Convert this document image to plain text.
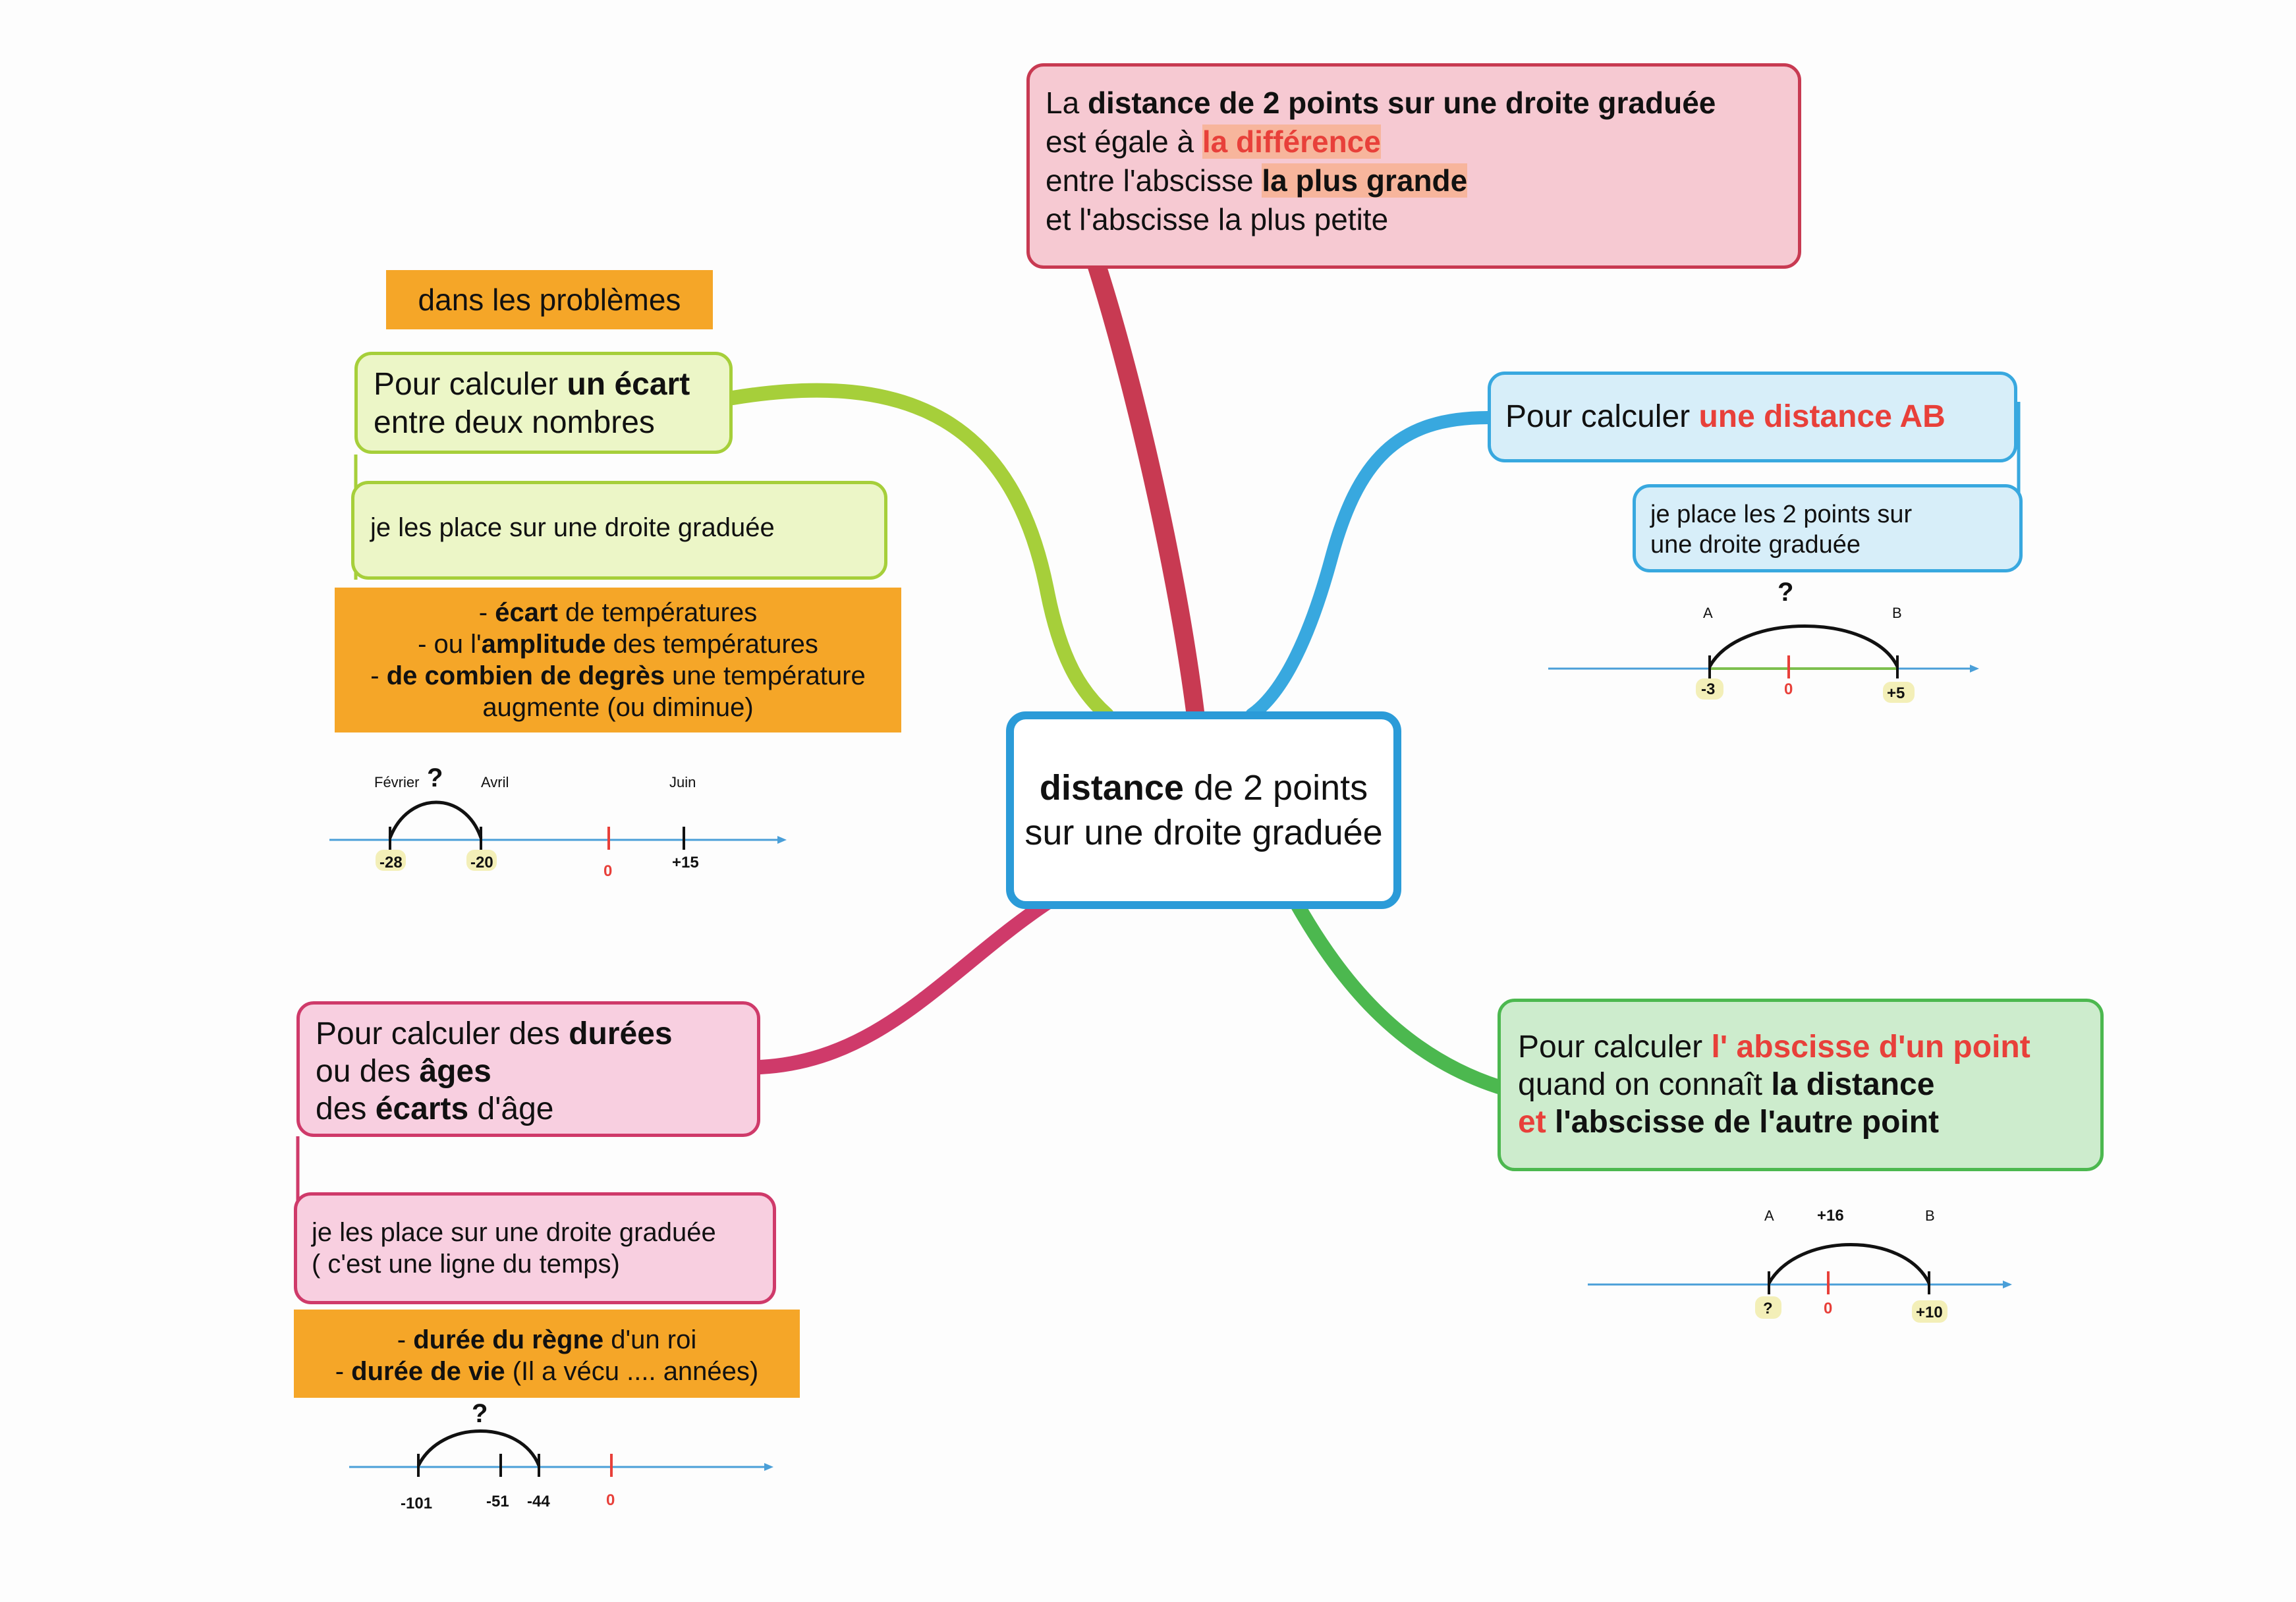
distance de 2 points
sur une droite graduée
La distance de 2 points sur une droite graduée
est égale à la différence
entre l'abscisse la plus grande
et l'abscisse la plus petite
dans les problèmes
Pour calculer un écart
entre deux nombres
je les place sur une droite graduée
- écart de températures
- ou l'amplitude des températures
- de combien de degrès une température
augmente (ou diminue)
Février ?	Avril	Juin
-28	-20	0	+15
Pour calculer une distance AB
je place les 2 points sur
une droite graduée
A
?
B
-3	0	+5
Pour calculer des durées
ou des âges
des écarts d'âge
je les place sur une droite graduée
( c'est une ligne du temps)
- durée du règne d'un roi
- durée de vie (Il a vécu .... années)
?
-101	-51 -44	0
Pour calculer l' abscisse d'un point
quand on connaît la distance
et l'abscisse de l'autre point
A	+16	B
?	0	+10
